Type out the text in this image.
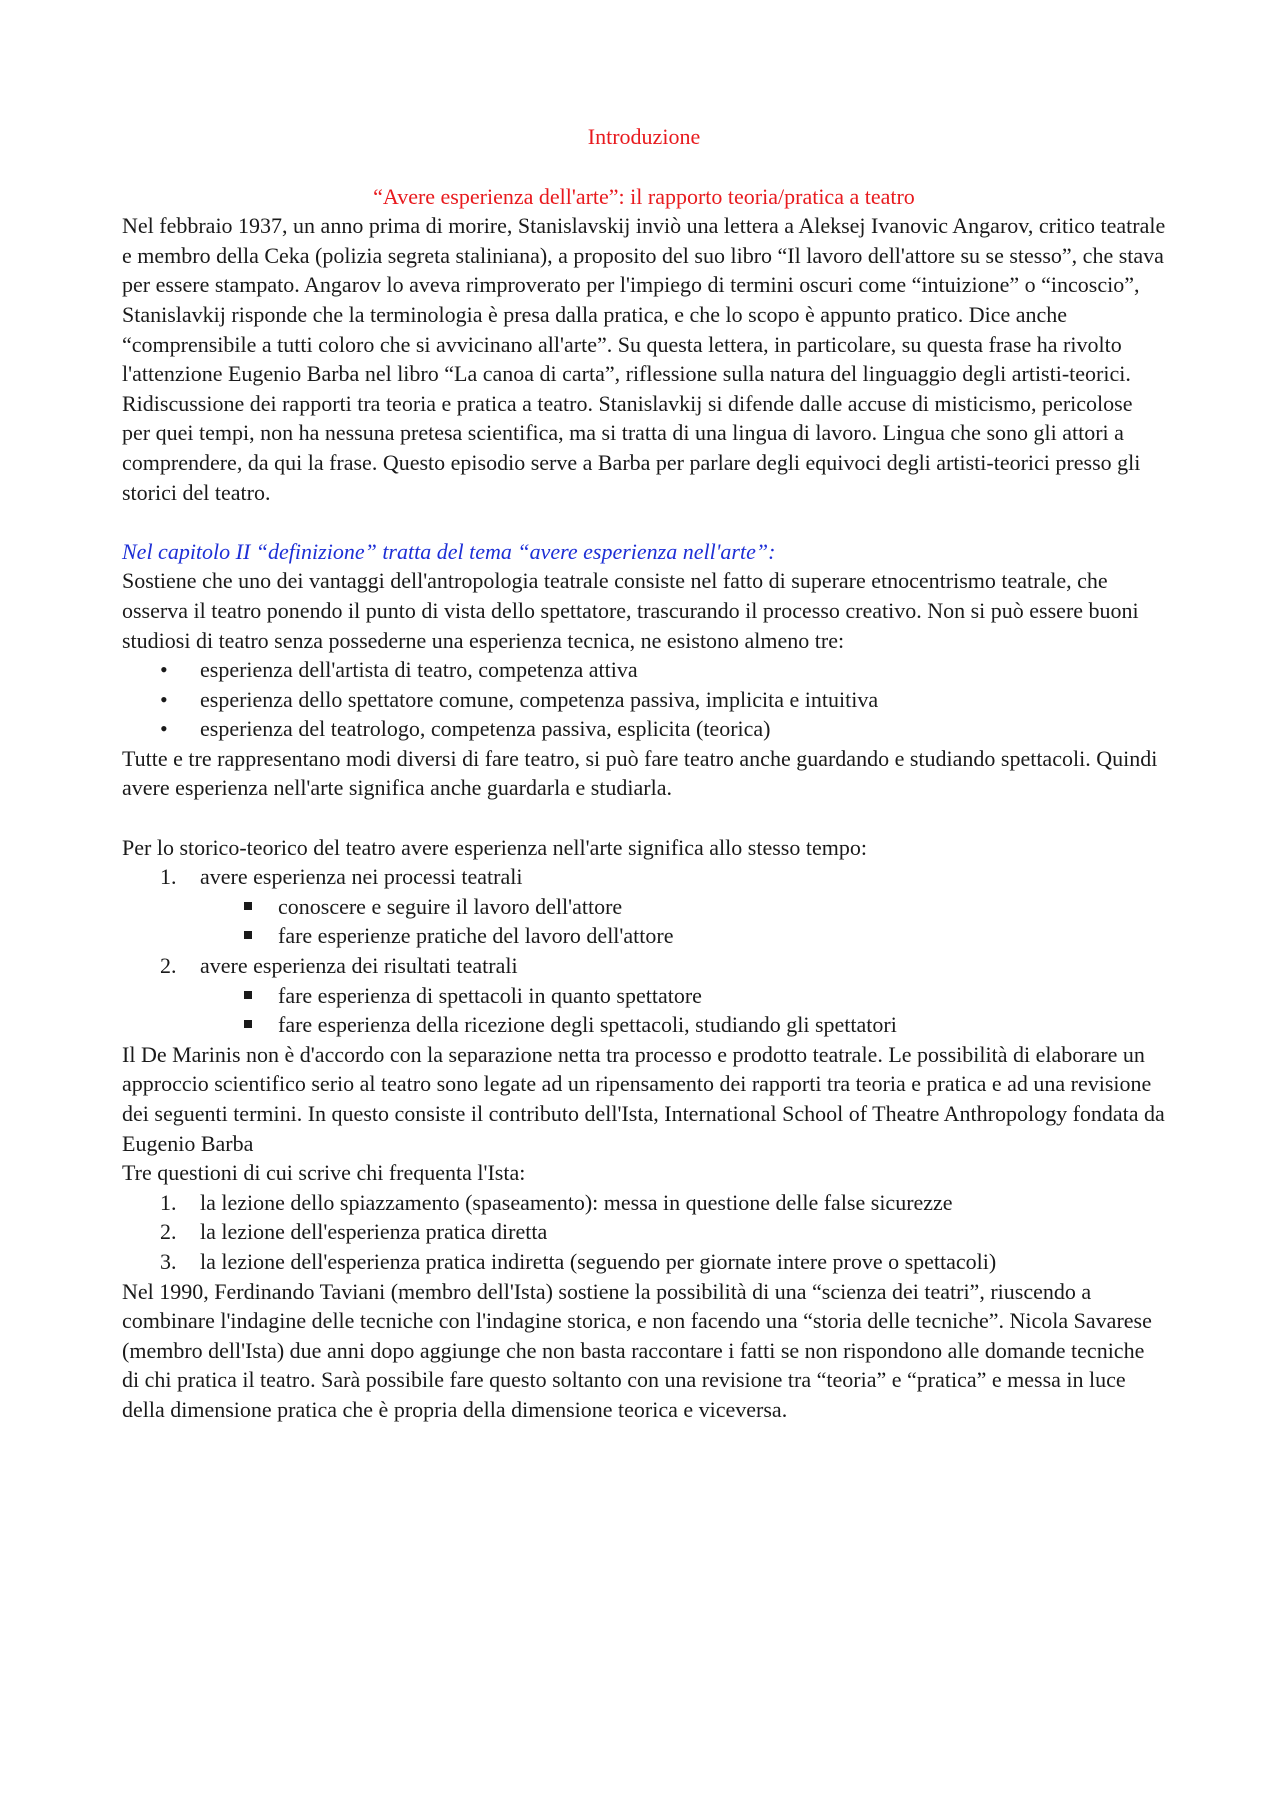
Introduzione
“Avere esperienza dell'arte”: il rapporto teoria/pratica a teatro

Nel febbraio 1937, un anno prima di morire, Stanislavskij inviò una lettera a Aleksej Ivanovic Angarov, critico teatrale e membro della Ceka (polizia segreta staliniana), a proposito del suo libro “Il lavoro dell'attore su se stesso”, che stava per essere stampato. Angarov lo aveva rimproverato per l'impiego di termini oscuri come “intuizione” o “incoscio”, Stanislavkij risponde che la terminologia è presa dalla pratica, e che lo scopo è appunto pratico. Dice anche “comprensibile a tutti coloro che si avvicinano all'arte”. Su questa lettera, in particolare, su questa frase ha rivolto l'attenzione Eugenio Barba nel libro “La canoa di carta”, riflessione sulla natura del linguaggio degli artisti-teorici. Ridiscussione dei rapporti tra teoria e pratica a teatro. Stanislavkij si difende dalle accuse di misticismo, pericolose per quei tempi, non ha nessuna pretesa scientifica, ma si tratta di una lingua di lavoro. Lingua che sono gli attori a comprendere, da qui la frase. Questo episodio serve a Barba per parlare degli equivoci degli artisti-teorici presso gli storici del teatro.

Nel capitolo II “definizione” tratta del tema “avere esperienza nell'arte”:

Sostiene che uno dei vantaggi dell'antropologia teatrale consiste nel fatto di superare etnocentrismo teatrale, che osserva il teatro ponendo il punto di vista dello spettatore, trascurando il processo creativo. Non si può essere buoni studiosi di teatro senza possederne una esperienza tecnica, ne esistono almeno tre:

• esperienza dell'artista di teatro, competenza attiva
• esperienza dello spettatore comune, competenza passiva, implicita e intuitiva
• esperienza del teatrologo, competenza passiva, esplicita (teorica)

Tutte e tre rappresentano modi diversi di fare teatro, si può fare teatro anche guardando e studiando spettacoli. Quindi avere esperienza nell'arte significa anche guardarla e studiarla.

Per lo storico-teorico del teatro avere esperienza nell'arte significa allo stesso tempo:

1. avere esperienza nei processi teatrali
conoscere e seguire il lavoro dell'attore
fare esperienze pratiche del lavoro dell'attore
2. avere esperienza dei risultati teatrali
fare esperienza di spettacoli in quanto spettatore
fare esperienza della ricezione degli spettacoli, studiando gli spettatori

Il De Marinis non è d'accordo con la separazione netta tra processo e prodotto teatrale. Le possibilità di elaborare un approccio scientifico serio al teatro sono legate ad un ripensamento dei rapporti tra teoria e pratica e ad una revisione dei seguenti termini. In questo consiste il contributo dell'Ista, International School of Theatre Anthropology fondata da Eugenio Barba

Tre questioni di cui scrive chi frequenta l'Ista:

1. la lezione dello spiazzamento (spaseamento): messa in questione delle false sicurezze
2. la lezione dell'esperienza pratica diretta
3. la lezione dell'esperienza pratica indiretta (seguendo per giornate intere prove o spettacoli)

Nel 1990, Ferdinando Taviani (membro dell'Ista) sostiene la possibilità di una “scienza dei teatri”, riuscendo a combinare l'indagine delle tecniche con l'indagine storica, e non facendo una “storia delle tecniche”. Nicola Savarese (membro dell'Ista) due anni dopo aggiunge che non basta raccontare i fatti se non rispondono alle domande tecniche di chi pratica il teatro. Sarà possibile fare questo soltanto con una revisione tra “teoria” e “pratica” e messa in luce della dimensione pratica che è propria della dimensione teorica e viceversa.
